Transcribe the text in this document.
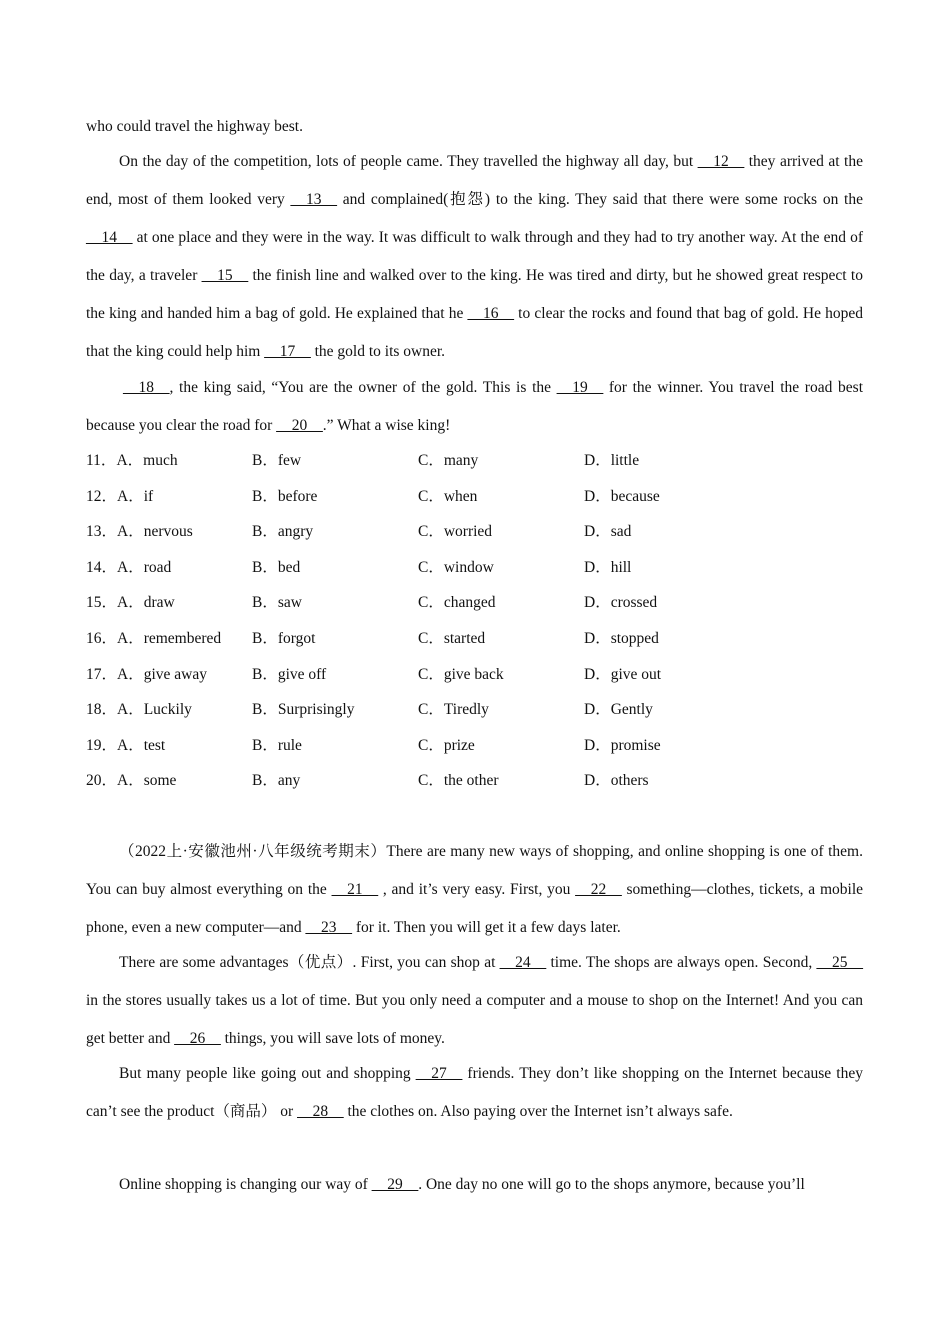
who could travel the highway best.

On the day of the competition, lots of people came. They travelled the highway all day, but __12__ they arrived at the end, most of them looked very __13__ and complained(抱怨) to the king. They said that there were some rocks on the __14__ at one place and they were in the way. It was difficult to walk through and they had to try another way. At the end of the day, a traveler __15__ the finish line and walked over to the king. He was tired and dirty, but he showed great respect to the king and handed him a bag of gold. He explained that he __16__ to clear the rocks and found that bag of gold. He hoped that the king could help him __17__ the gold to its owner.

__18__, the king said, “You are the owner of the gold. This is the __19__ for the winner. You travel the road best because you clear the road for __20__.” What a wise king!

11．A．much	B．few	C．many	D．little
12．A．if	B．before	C．when	D．because
13．A．nervous	B．angry	C．worried	D．sad
14．A．road	B．bed	C．window	D．hill
15．A．draw	B．saw	C．changed	D．crossed
16．A．remembered B．forgot	C．started	D．stopped
17．A．give away	B．give off	C．give back	D．give out
18．A．Luckily	B．Surprisingly	C．Tiredly	D．Gently
19．A．test	B．rule	C．prize	D．promise
20．A．some	B．any	C．the other	D．others

（2022上·安徽池州·八年级统考期末）There are many new ways of shopping, and online shopping is one of them. You can buy almost everything on the __21__ , and it’s very easy. First, you __22__ something—clothes, tickets, a mobile phone, even a new computer—and __23__ for it. Then you will get it a few days later.

There are some advantages（优点）. First, you can shop at __24__ time. The shops are always open. Second, __25__ in the stores usually takes us a lot of time. But you only need a computer and a mouse to shop on the Internet! And you can get better and __26__ things, you will save lots of money.

But many people like going out and shopping __27__ friends. They don’t like shopping on the Internet because they can’t see the product（商品） or __28__ the clothes on. Also paying over the Internet isn’t always safe.

Online shopping is changing our way of __29__. One day no one will go to the shops anymore, because you’ll
